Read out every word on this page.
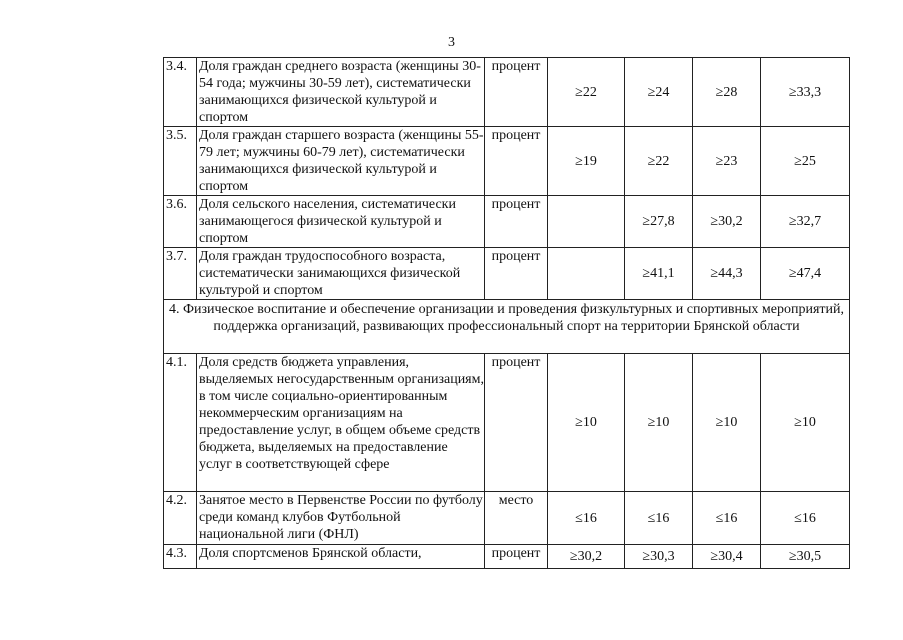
3
3.4.	Доля граждан среднего возраста (женщины 30-54 года; мужчины 30-59 лет), систематически занимающихся физической культурой и спортом	процент	≥22	≥24	≥28	≥33,3
3.5.	Доля граждан старшего возраста (женщины 55-79 лет; мужчины 60-79 лет), систематически занимающихся физической культурой и спортом	процент	≥19	≥22	≥23	≥25
3.6.	Доля сельского населения, систематически занимающегося физической культурой и спортом	процент		≥27,8	≥30,2	≥32,7
3.7.	Доля граждан трудоспособного возраста, систематически занимающихся физической культурой и спортом	процент		≥41,1	≥44,3	≥47,4
4. Физическое воспитание и обеспечение организации и проведения физкультурных и спортивных мероприятий, поддержка организаций, развивающих профессиональный спорт на территории Брянской области						
4.1.	Доля средств бюджета управления, выделяемых негосударственным организациям, в том числе социально-ориентированным некоммерческим организациям на предоставление услуг, в общем объеме средств бюджета, выделяемых на предоставление услуг в соответствующей сфере	процент	≥10	≥10	≥10	≥10
4.2.	Занятое место в Первенстве России по футболу среди команд клубов Футбольной национальной лиги (ФНЛ)	место	≤16	≤16	≤16	≤16
4.3.	Доля спортсменов Брянской области,	процент	≥30,2	≥30,3	≥30,4	≥30,5
